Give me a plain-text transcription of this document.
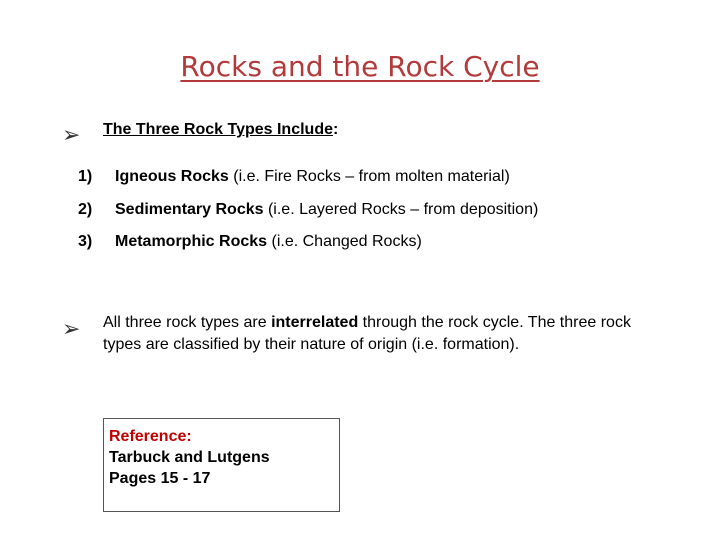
Rocks and the Rock Cycle
➢ The Three Rock Types Include:
1) Igneous Rocks (i.e. Fire Rocks – from molten material)
2) Sedimentary Rocks (i.e. Layered Rocks – from deposition)
3) Metamorphic Rocks (i.e. Changed Rocks)
➢ All three rock types are interrelated through the rock cycle. The three rock types are classified by their nature of origin (i.e. formation).
Reference:
Tarbuck and Lutgens
Pages 15 - 17
